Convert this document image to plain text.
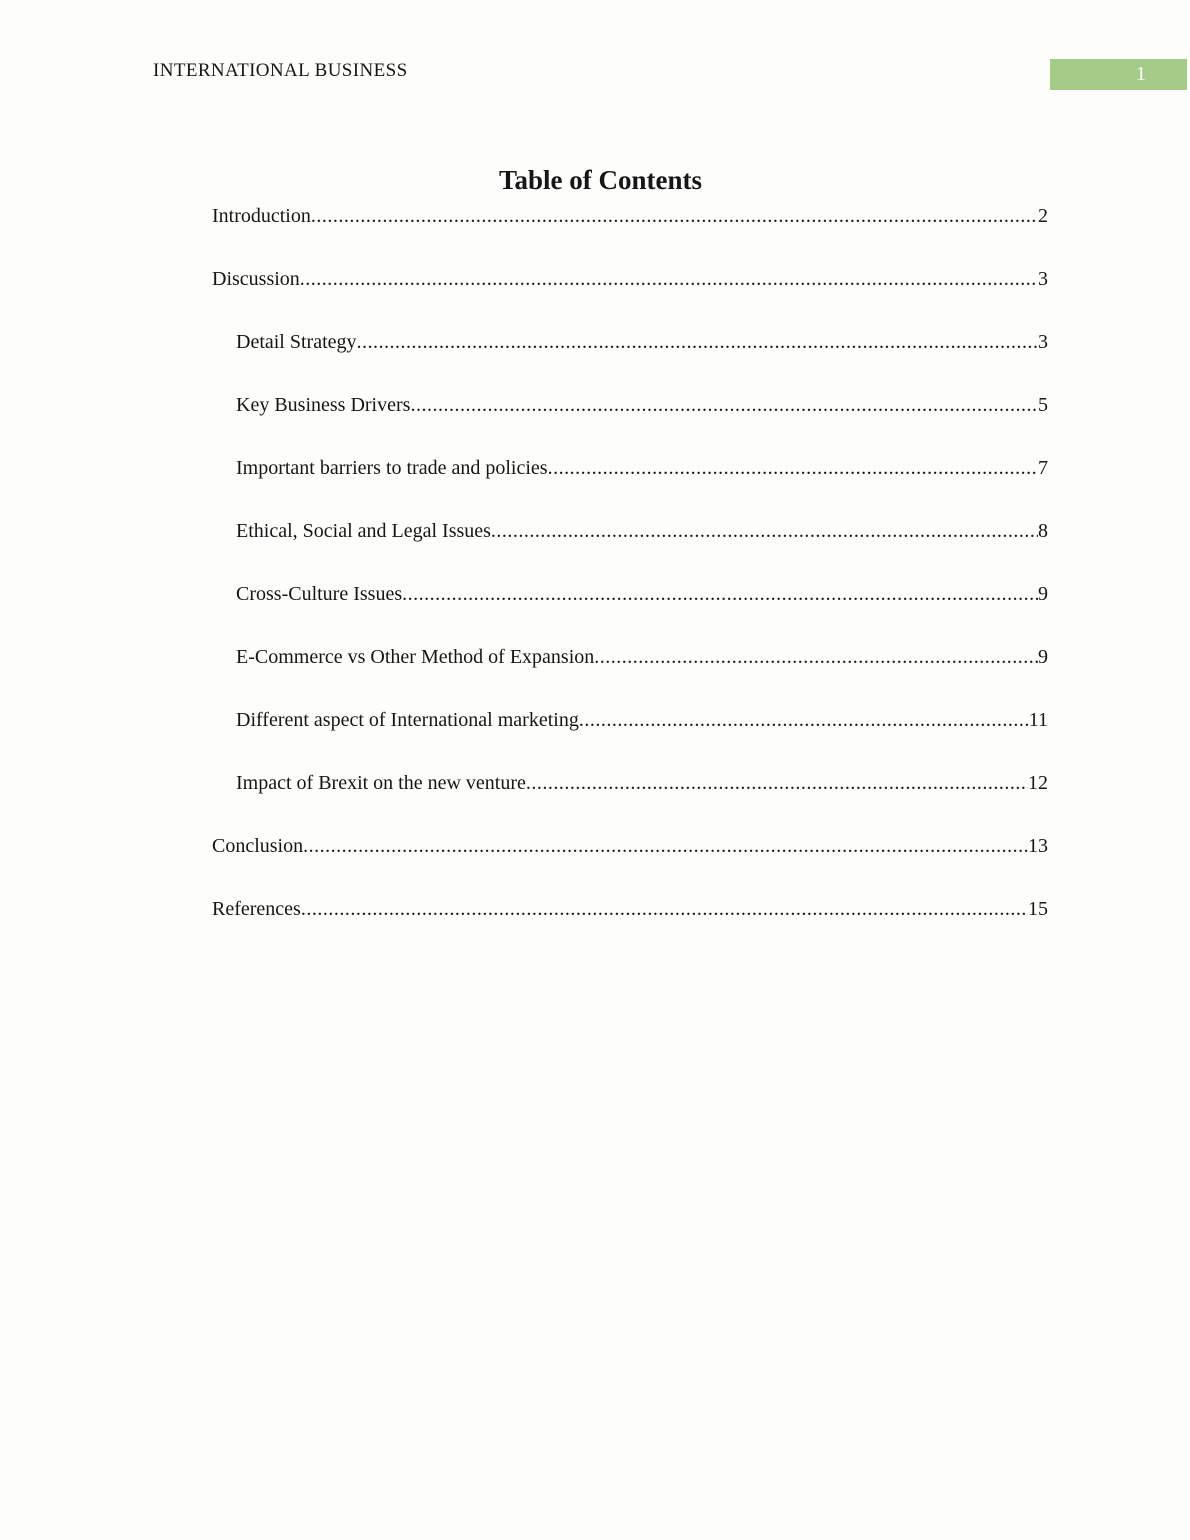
INTERNATIONAL BUSINESS	1
Table of Contents
Introduction .....	2
Discussion .....	3
Detail Strategy .....	3
Key Business Drivers .....	5
Important barriers to trade and policies .....	7
Ethical, Social and Legal Issues .....	8
Cross-Culture Issues .....	9
E-Commerce vs Other Method of Expansion .....	9
Different aspect of International marketing .....	11
Impact of Brexit on the new venture .....	12
Conclusion .....	13
References .....	15
